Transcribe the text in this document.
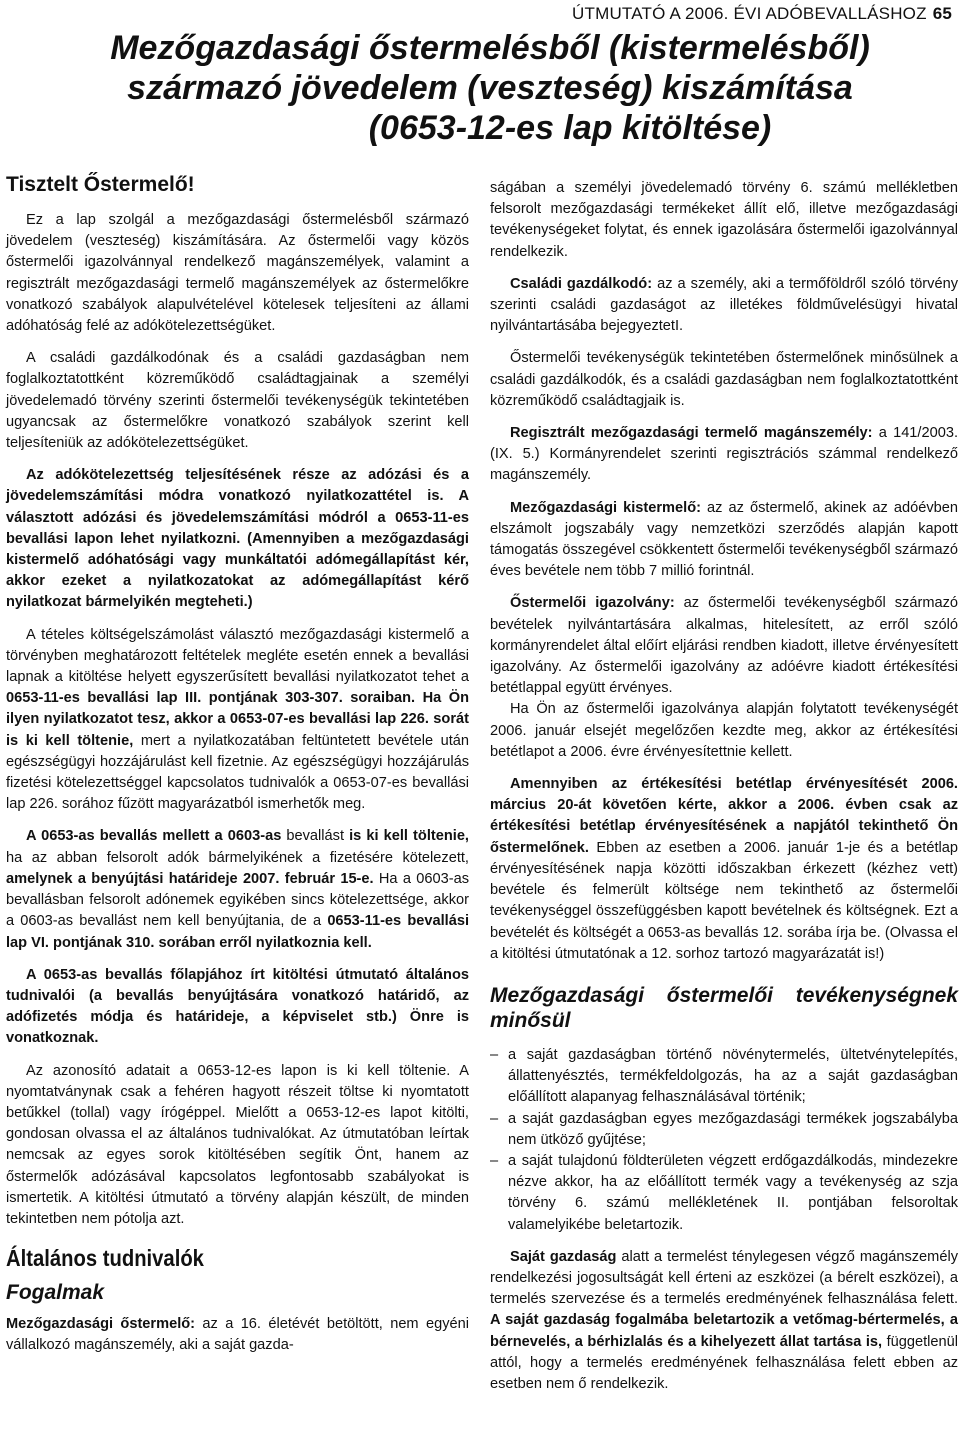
ÚTMUTATÓ A 2006. ÉVI ADÓBEVALLÁSHOZ 65
Mezőgazdasági őstermelésből (kistermelésből)
származó jövedelem (veszteség) kiszámítása
(0653-12-es lap kitöltése)
Tisztelt Őstermelő!

Ez a lap szolgál a mezőgazdasági őstermelésből származó jövedelem (veszteség) kiszámítására. Az őstermelői vagy közös őstermelői igazolvánnyal rendelkező magánszemélyek, valamint a regisztrált mezőgazdasági termelő magánszemélyek az őstermelőkre vonatkozó szabályok alapulvételével kötelesek teljesíteni az állami adóhatóság felé az adókötelezettségüket.

A családi gazdálkodónak és a családi gazdaságban nem foglalkoztatottként közreműködő családtagjainak a személyi jövedelemadó törvény szerinti őstermelői tevékenységük tekintetében ugyancsak az őstermelőkre vonatkozó szabályok szerint kell teljesíteniük az adókötelezettségüket.

Az adókötelezettség teljesítésének része az adózási és a jövedelemszámítási módra vonatkozó nyilatkozattétel is. A választott adózási és jövedelemszámítási módról a 0653-11-es bevallási lapon lehet nyilatkozni. (Amennyiben a mezőgazdasági kistermelő adóhatósági vagy munkáltatói adómegállapítást kér, akkor ezeket a nyilatkozatokat az adómegállapítást kérő nyilatkozat bármelyikén megteheti.)

A tételes költségelszámolást választó mezőgazdasági kistermelő a törvényben meghatározott feltételek megléte esetén ennek a bevallási lapnak a kitöltése helyett egyszerűsített bevallási nyilatkozatot tehet a 0653-11-es bevallási lap III. pontjának 303-307. soraiban. Ha Ön ilyen nyilatkozatot tesz, akkor a 0653-07-es bevallási lap 226. sorát is ki kell töltenie, mert a nyilatkozatában feltüntetett bevétele után egészségügyi hozzájárulást kell fizetnie. Az egészségügyi hozzájárulás fizetési kötelezettséggel kapcsolatos tudnivalók a 0653-07-es bevallási lap 226. sorához fűzött magyarázatból ismerhetők meg.

A 0653-as bevallás mellett a 0603-as bevallást is ki kell töltenie, ha az abban felsorolt adók bármelyikének a fizetésére kötelezett, amelynek a benyújtási határideje 2007. február 15-e. Ha a 0603-as bevallásban felsorolt adónemek egyikében sincs kötelezettsége, akkor a 0603-as bevallást nem kell benyújtania, de a 0653-11-es bevallási lap VI. pontjának 310. sorában erről nyilatkoznia kell.

A 0653-as bevallás főlapjához írt kitöltési útmutató általános tudnivalói (a bevallás benyújtására vonatkozó határidő, az adófizetés módja és határideje, a képviselet stb.) Önre is vonatkoznak.

Az azonosító adatait a 0653-12-es lapon is ki kell töltenie. A nyomtatványnak csak a fehéren hagyott részeit töltse ki nyomtatott betűkkel (tollal) vagy írógéppel. Mielőtt a 0653-12-es lapot kitölti, gondosan olvassa el az általános tudnivalókat. Az útmutatóban leírtak nemcsak az egyes sorok kitöltésében segítik Önt, hanem az őstermelők adózásával kapcsolatos legfontosabb szabályokat is ismertetik. A kitöltési útmutató a törvény alapján készült, de minden tekintetben nem pótolja azt.

Általános tudnivalók
Fogalmak

Mezőgazdasági őstermelő: az a 16. életévét betöltött, nem egyéni vállalkozó magánszemély, aki a saját gazda-

ságában a személyi jövedelemadó törvény 6. számú mellékletben felsorolt mezőgazdasági termékeket állít elő, illetve mezőgazdasági tevékenységeket folytat, és ennek igazolására őstermelői igazolvánnyal rendelkezik.

Családi gazdálkodó: az a személy, aki a termőföldről szóló törvény szerinti családi gazdaságot az illetékes földművelésügyi hivatal nyilvántartásába bejegyeztetI.

Őstermelői tevékenységük tekintetében őstermelőnek minősülnek a családi gazdálkodók, és a családi gazdaságban nem foglalkoztatottként közreműködő családtagjaik is.

Regisztrált mezőgazdasági termelő magánszemély: a 141/2003. (IX. 5.) Kormányrendelet szerinti regisztrációs számmal rendelkező magánszemély.

Mezőgazdasági kistermelő: az az őstermelő, akinek az adóévben elszámolt jogszabály vagy nemzetközi szerződés alapján kapott támogatás összegével csökkentett őstermelői tevékenységből származó éves bevétele nem több 7 millió forintnál.

Őstermelői igazolvány: az őstermelői tevékenységből származó bevételek nyilvántartására alkalmas, hitelesített, az erről szóló kormányrendelet által előírt eljárási rendben kiadott, illetve érvényesített igazolvány. Az őstermelői igazolvány az adóévre kiadott értékesítési betétlappal együtt érvényes.

Ha Ön az őstermelői igazolványa alapján folytatott tevékenységét 2006. január elsejét megelőzően kezdte meg, akkor az értékesítési betétlapot a 2006. évre érvényesítettnie kellett.

Amennyiben az értékesítési betétlap érvényesítését 2006. március 20-át követően kérte, akkor a 2006. évben csak az értékesítési betétlap érvényesítésének a napjától tekinthető Ön őstermelőnek. Ebben az esetben a 2006. január 1-je és a betétlap érvényesítésének napja közötti időszakban érkezett (kézhez vett) bevétele és felmerült költsége nem tekinthető az őstermelői tevékenységgel összefüggésben kapott bevételnek és költségnek. Ezt a bevételét és költségét a 0653-as bevallás 12. sorába írja be. (Olvassa el a kitöltési útmutatónak a 12. sorhoz tartozó magyarázatát is!)

Mezőgazdasági őstermelői tevékenységnek minősül
– a saját gazdaságban történő növénytermelés, ültetvénytelepítés, állattenyésztés, termékfeldolgozás, ha az a saját gazdaságban előállított alapanyag felhasználásával történik;
– a saját gazdaságban egyes mezőgazdasági termékek jogszabályba nem ütköző gyűjtése;
– a saját tulajdonú földterületen végzett erdőgazdálkodás, mindezekre nézve akkor, ha az előállított termék vagy a tevékenység az szja törvény 6. számú mellékletének II. pontjában felsoroltak valamelyikébe beletartozik.

Saját gazdaság alatt a termelést ténylegesen végző magánszemély rendelkezési jogosultságát kell érteni az eszközei (a bérelt eszközei), a termelés szervezése és a termelés eredményének felhasználása felett. A saját gazdaság fogalmába beletartozik a vetőmag-bértermelés, a bérnevelés, a bérhizlalás és a kihelyezett állat tartása is, függetlenül attól, hogy a termelés eredményének felhasználása felett ebben az esetben nem ő rendelkezik.
